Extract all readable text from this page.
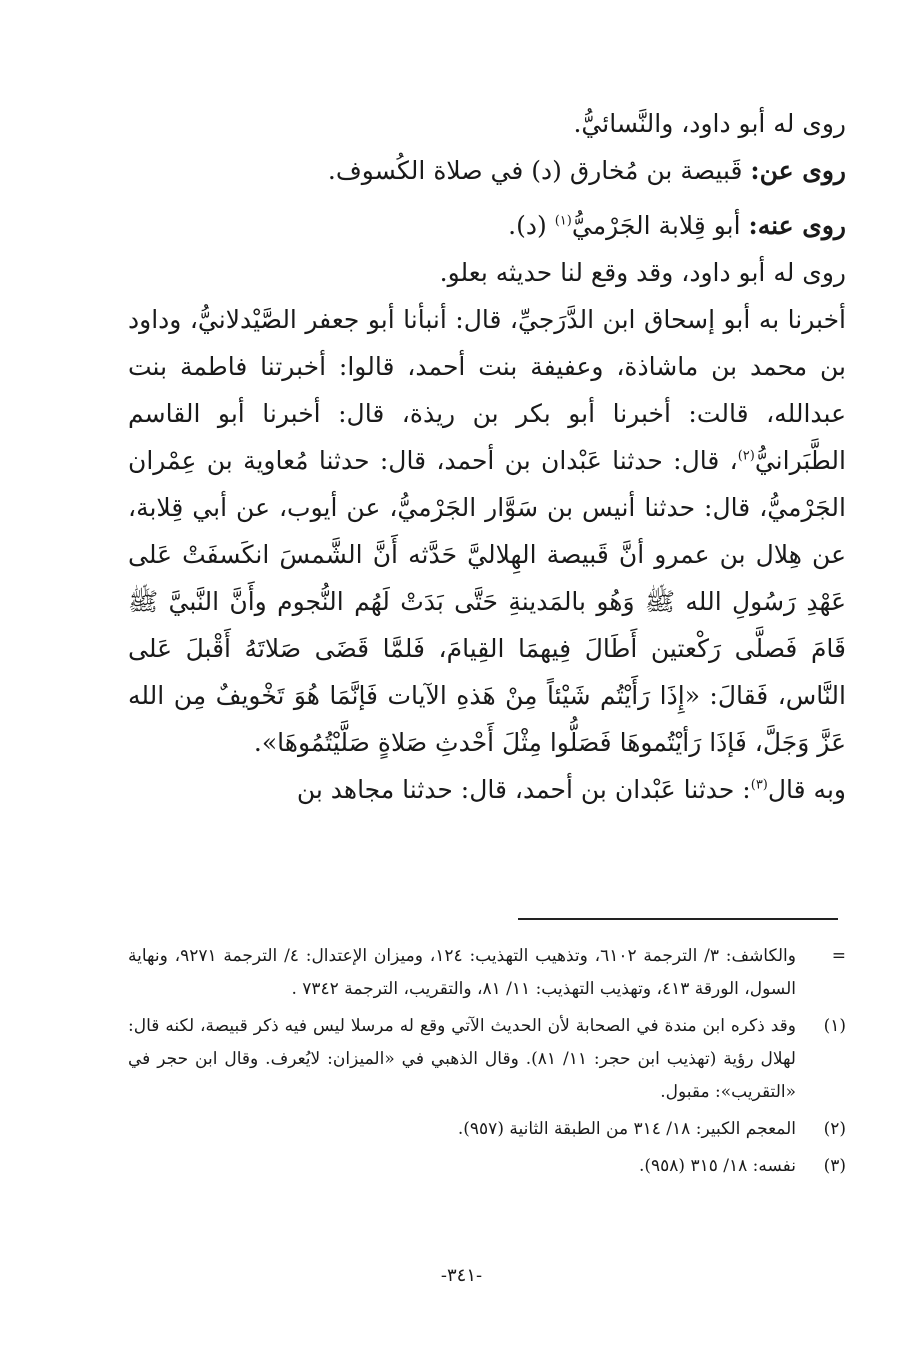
روى له أبو داود، والنَّسائيُّ.

روى عن: قَبيصة بن مُخارق (د) في صلاة الكُسوف.

روى عنه: أبو قِلابة الجَرْميُّ$^{(١)}$ (د).

روى له أبو داود، وقد وقع لنا حديثه بعلو.

أخبرنا به أبو إسحاق ابن الدَّرَجيِّ، قال: أنبأنا أبو جعفر الصَّيْدلانيُّ، وداود بن محمد بن ماشاذة، وعفيفة بنت أحمد، قالوا: أخبرتنا فاطمة بنت عبدالله، قالت: أخبرنا أبو بكر بن ريذة، قال: أخبرنا أبو القاسم الطَّبَرانيُّ$^{(٢)}$، قال: حدثنا عَبْدان بن أحمد، قال: حدثنا مُعاوية بن عِمْران الجَرْميُّ، قال: حدثنا أنيس بن سَوَّار الجَرْميُّ، عن أيوب، عن أبي قِلابة، عن هِلال بن عمرو أنَّ قَبيصة الهِلاليَّ حَدَّثه أَنَّ الشَّمسَ انكَسفَتْ عَلى عَهْدِ رَسُولِ الله ﷺ وَهُو بالمَدينةِ حَتَّى بَدَتْ لَهُم النُّجوم وأَنَّ النَّبيَّ ﷺ قَامَ فَصلَّى رَكْعتين أَطَالَ فِيهمَا القِيامَ، فَلمَّا قَضَى صَلاتَهُ أَقْبلَ عَلى النَّاس، فَقالَ: «إِذَا رَأَيْتُم شَيْئاً مِنْ هَذهِ الآيات فَإنَّمَا هُوَ تَخْويفٌ مِن الله عَزَّ وَجَلَّ، فَإذَا رَأيْتُموهَا فَصَلُّوا مِثْلَ أَحْدثِ صَلاةٍ صَلَّيْتُمُوهَا».

وبه قال$^{(٣)}$: حدثنا عَبْدان بن أحمد، قال: حدثنا مجاهد بن

=
والكاشف: ٣/ الترجمة ٦١٠٢، وتذهيب التهذيب: ١٢٤، وميزان الإعتدال: ٤/ الترجمة ٩٢٧١، ونهاية السول، الورقة ٤١٣، وتهذيب التهذيب: ١١/ ٨١، والتقريب، الترجمة ٧٣٤٢ .
(١)
وقد ذكره ابن مندة في الصحابة لأن الحديث الآتي وقع له مرسلا ليس فيه ذكر قبيصة، لكنه قال: لهلال رؤية (تهذيب ابن حجر: ١١/ ٨١). وقال الذهبي في «الميزان: لايُعرف. وقال ابن حجر في «التقريب»: مقبول.
(٢)
المعجم الكبير: ١٨/ ٣١٤ من الطبقة الثانية (٩٥٧).
(٣)
نفسه: ١٨/ ٣١٥ (٩٥٨).
-٣٤١-
